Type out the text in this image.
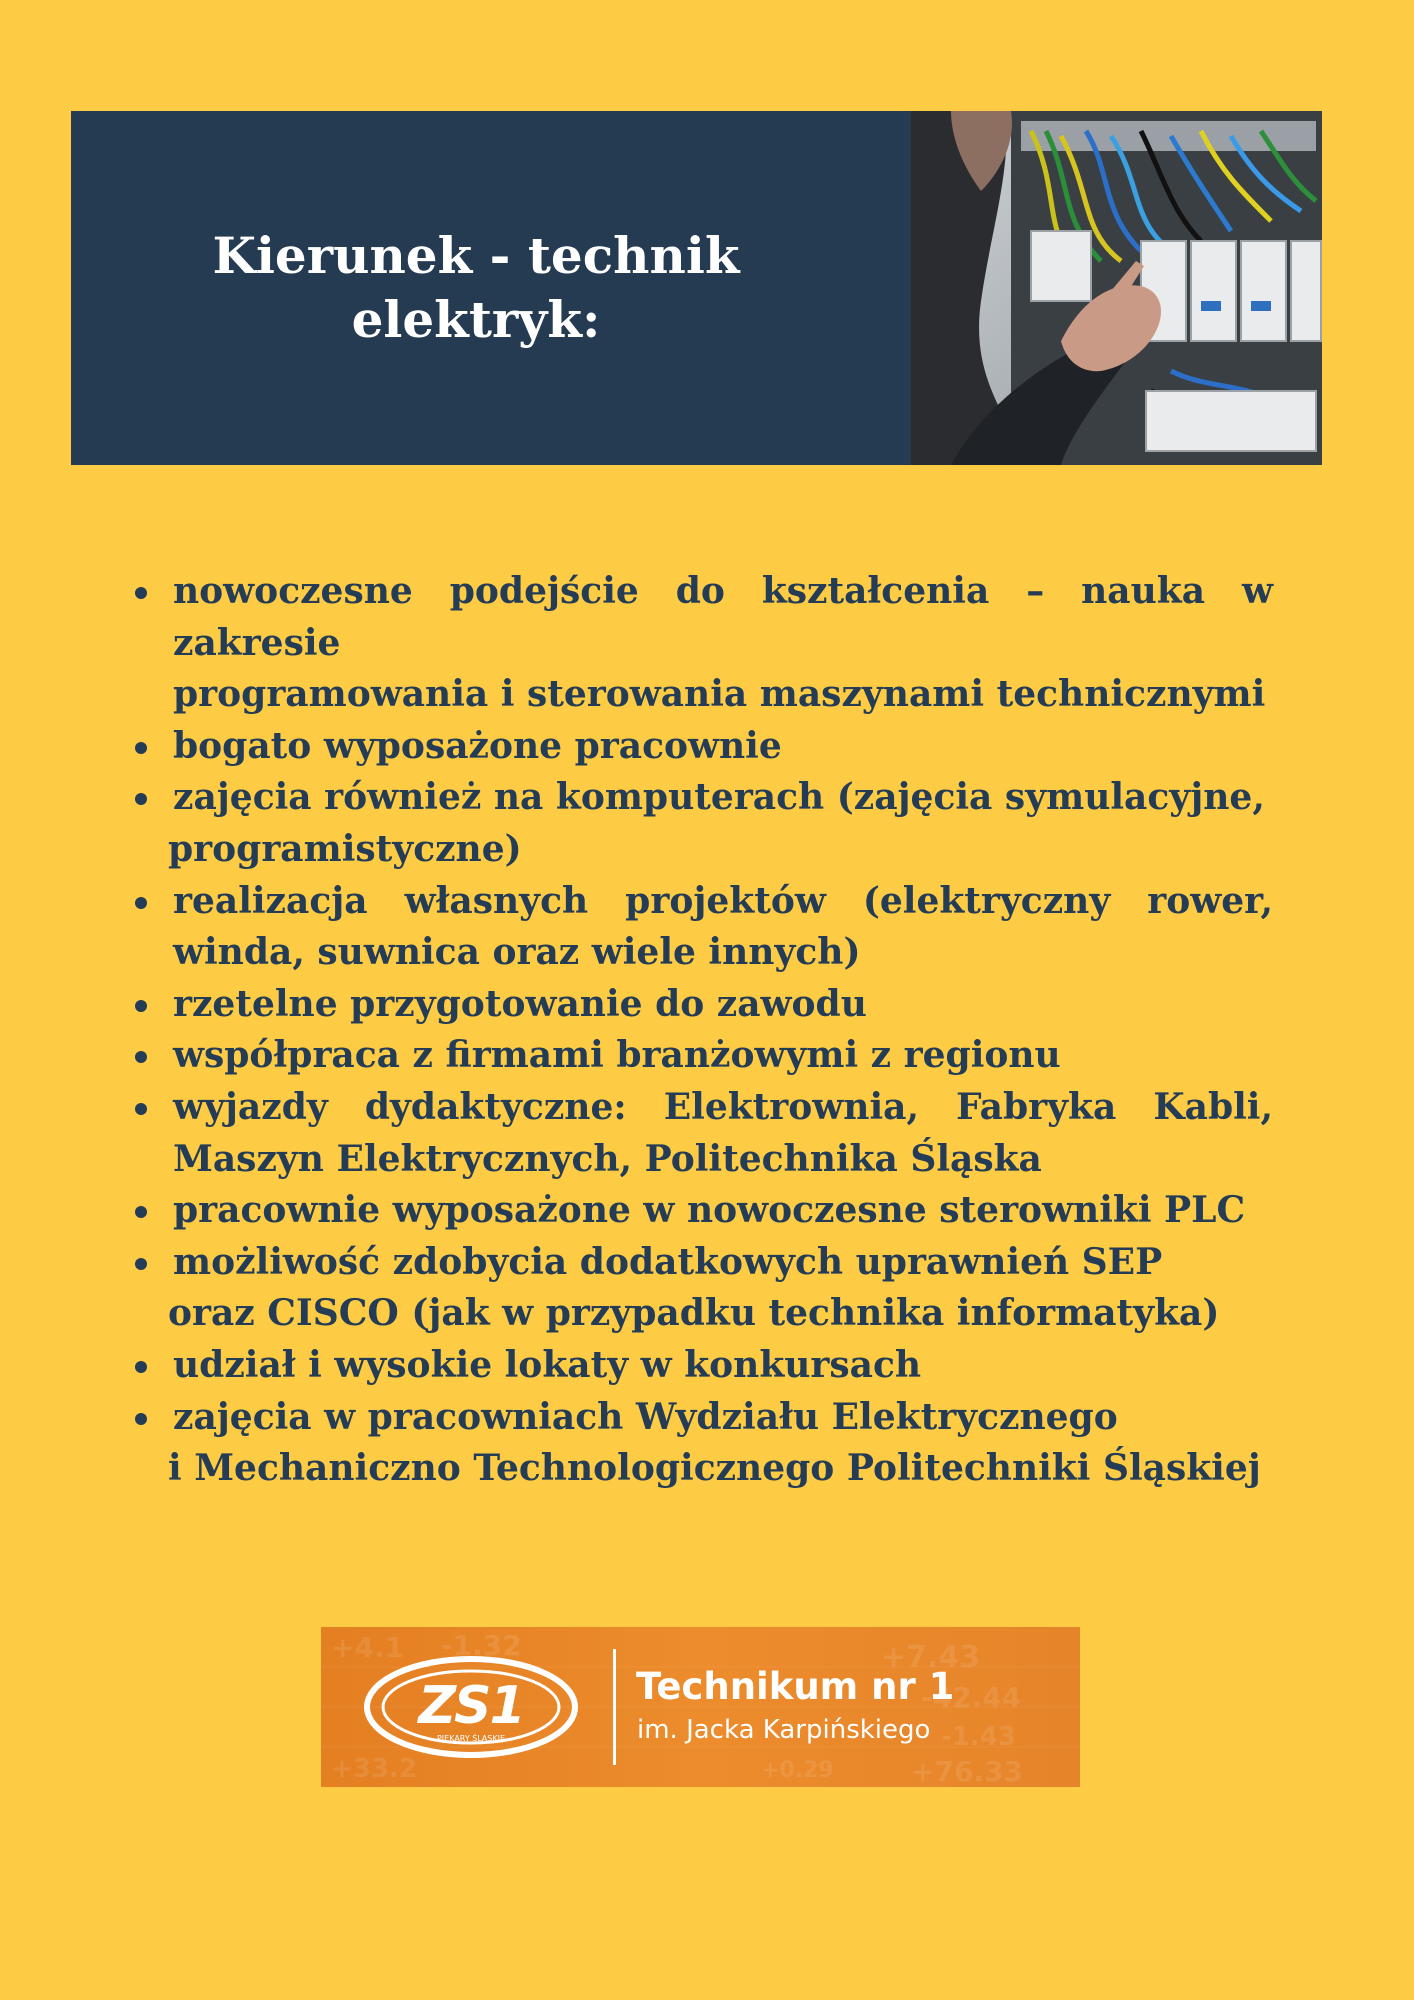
Kierunek - technik
elektryk:
nowoczesne podejście do kształcenia – nauka w zakresie
programowania i sterowania maszynami technicznymi
bogato wyposażone pracownie
zajęcia również na komputerach (zajęcia symulacyjne,
programistyczne)
realizacja własnych projektów (elektryczny rower,
winda, suwnica oraz wiele innych)
rzetelne przygotowanie do zawodu
współpraca z firmami branżowymi z regionu
wyjazdy dydaktyczne: Elektrownia, Fabryka Kabli,
Maszyn Elektrycznych, Politechnika Śląska
pracownie wyposażone w nowoczesne sterowniki PLC
możliwość zdobycia dodatkowych uprawnień SEP
oraz CISCO (jak w przypadku technika informatyka)
udział i wysokie lokaty w konkursach
zajęcia w pracowniach Wydziału Elektrycznego
i Mechaniczno Technologicznego Politechniki Śląskiej
+4.1 -1.32	+7.43
-42.44
-1.43
+76.33
+33.2	+0.29
ZS1
PIEKARY ŚLĄSKIE
Technikum nr 1
im. Jacka Karpińskiego
